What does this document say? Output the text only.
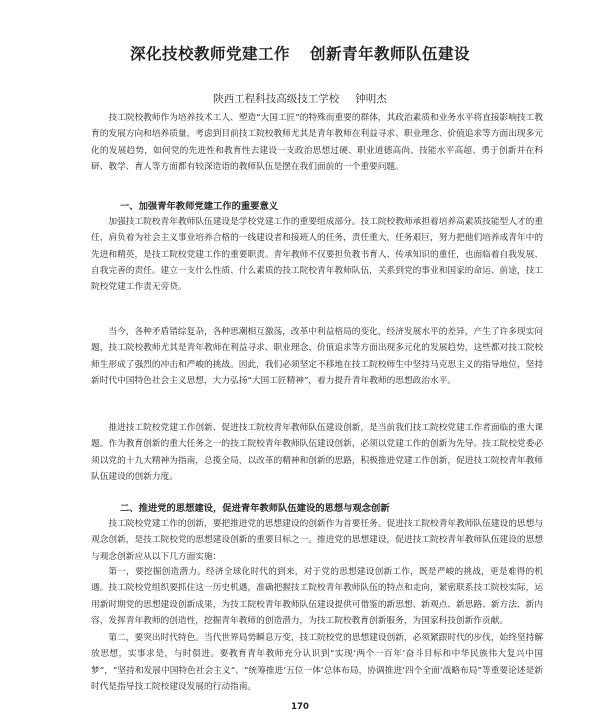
深化技校教师党建工作 创新青年教师队伍建设
陕西工程科技高级技工学校 钟明杰

技工院校教师作为培养技术工人、塑造“大国工匠”的特殊而重要的群体，其政治素质和业务水平将直接影响技工教育的发展方向和培养质量，考虑到目前技工院校教师尤其是青年教师在利益寻求、职业理念、价值追求等方面出现多元化的发展趋势，如何党的先进性和教育性去建设一支政治思想过硬、职业道德高尚、技能水平高超、勇于创新并在科研、教学、育人等方面都有较深造诣的教师队伍是摆在我们面前的一个重要问题。

一、加强青年教师党建工作的重要意义

加强技工院校青年教师队伍建设是学校党建工作的重要组成部分。技工院校教师承担着培养高素质技能型人才的重任，肩负着为社会主义事业培养合格的一线建设者和接班人的任务，责任重大，任务艰巨，努力把他们培养成青年中的先进和精英，是技工院校党建工作的重要职责。青年教师不仅要担负教书育人、传承知识的重任，也面临着自我发展、自我完善的责任。建立一支什么性质、什么素质的技工院校青年教师队伍，关系到党的事业和国家的命运、前途，技工院校党建工作责无旁贷。

当今，各种矛盾错综复杂，各种思潮相互激荡，改革中利益格局的变化，经济发展水平的差异，产生了许多现实问题，技工院校教师尤其是青年教师在利益寻求、职业理念、价值追求等方面出现多元化的发展趋势，这些都对技工院校师生形成了强烈的冲击和严峻的挑战。因此，我们必须坚定不移地在技工院校师生中坚持马克思主义的指导地位，坚持新时代中国特色社会主义思想，大力弘扬“大国工匠精神”，着力提升青年教师的思想政治水平。

推进技工院校党建工作创新、促进技工院校青年教师队伍建设创新，是当前我们技工院校党建工作者面临的重大课题。作为教育创新的重大任务之一的技工院校青年教师队伍建设创新，必须以党建工作的创新为先导。技工院校党委必须以党的十九大精神为指南，总揽全局，以改革的精神和创新的思路，积极推进党建工作创新，促进技工院校青年教师队伍建设的创新力度。

二、推进党的思想建设，促进青年教师队伍建设的思想与观念创新

技工院校党建工作的创新，要把推进党的思想建设的创新作为首要任务。促进技工院校青年教师队伍建设的思想与观念创新，是技工院校党的思想建设创新的重要目标之一。推进党的思想建设，促进技工院校青年教师队伍建设的思想与观念创新应从以下几方面实施：

第一，要挖掘创造潜力。经济全球化时代的到来，对于党的思想建设创新工作，既是严峻的挑战，更是难得的机遇。技工院校党组织要抓住这一历史机遇，准确把握技工院校青年教师队伍的特点和走向，紧密联系技工院校实际，运用新时期党的思想建设创新成果，为技工院校青年教师队伍建设提供可借鉴的新思想、新观点、新思路、新方法、新内容，发挥青年教师的创造性，挖掘青年教师的创造潜力，为技工院校教育创新服务，为国家科技创新作贡献。

第二，要突出时代特色。当代世界局势瞬息万变，技工院校党的思想建设创新，必须紧跟时代的步伐，始终坚持解放思想，实事求是，与时俱进。要教育青年教师充分认识到“实现‘两个一百年’奋斗目标和中华民族伟大复兴中国梦”，“坚持和发展中国特色社会主义”、“统筹推进‘五位一体’总体布局，协调推进‘四个全面’战略布局”等重要论述是新时代是指导技工院校建设发展的行动指南。

170
